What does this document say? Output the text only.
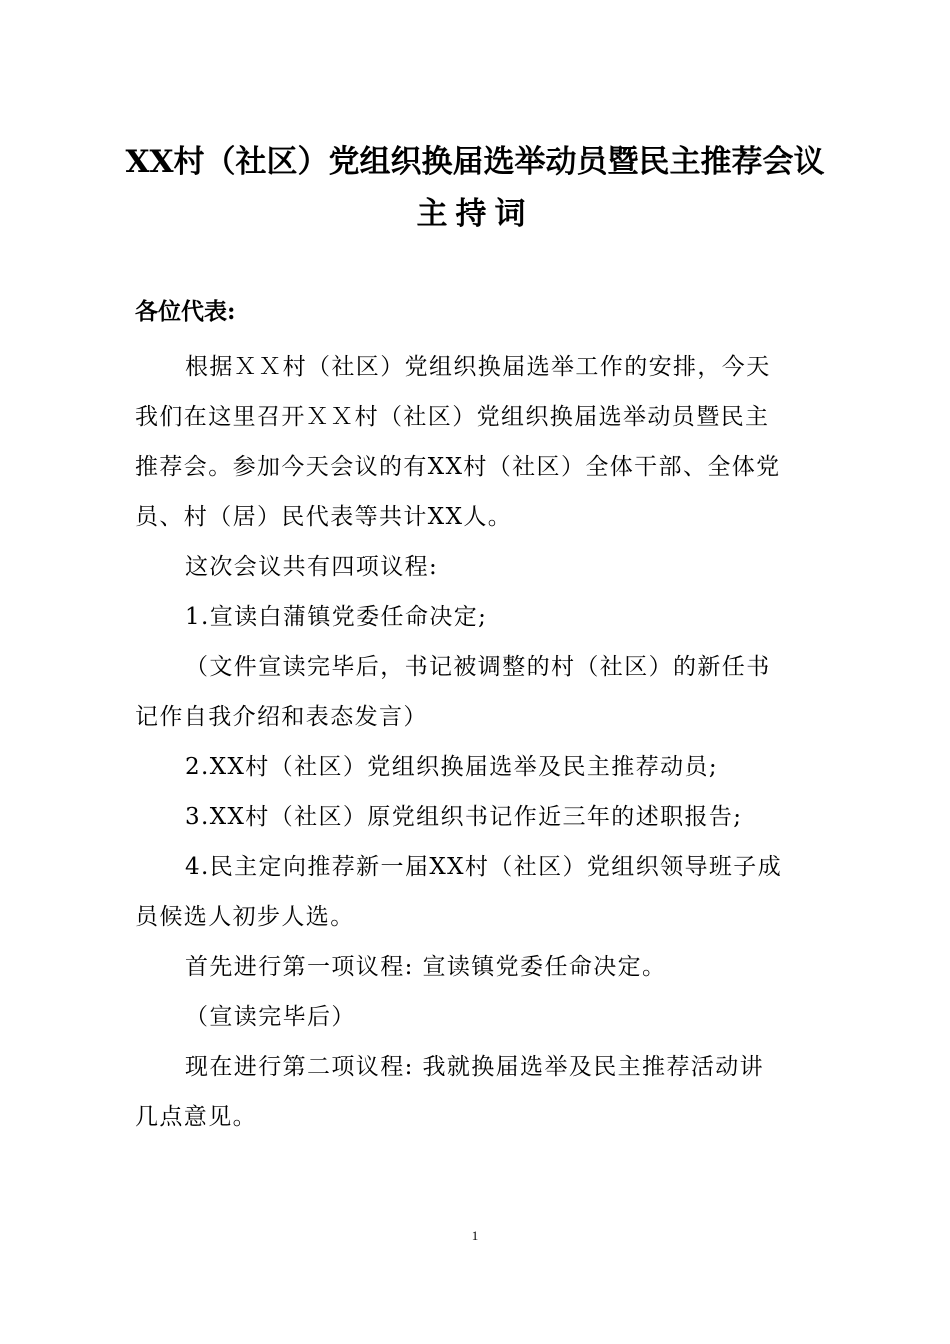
XX村（社区）党组织换届选举动员暨民主推荐会议
主持词
各位代表:
根据ＸＸ村（社区）党组织换届选举工作的安排，今天
我们在这里召开ＸＸ村（社区）党组织换届选举动员暨民主
推荐会。参加今天会议的有XX村（社区）全体干部、全体党
员、村（居）民代表等共计XX人。
这次会议共有四项议程:
1.宣读白蒲镇党委任命决定;
（文件宣读完毕后，书记被调整的村（社区）的新任书
记作自我介绍和表态发言）
2.XX村（社区）党组织换届选举及民主推荐动员;
3.XX村（社区）原党组织书记作近三年的述职报告;
4.民主定向推荐新一届XX村（社区）党组织领导班子成
员候选人初步人选。
首先进行第一项议程: 宣读镇党委任命决定。
（宣读完毕后）
现在进行第二项议程: 我就换届选举及民主推荐活动讲
几点意见。
1
